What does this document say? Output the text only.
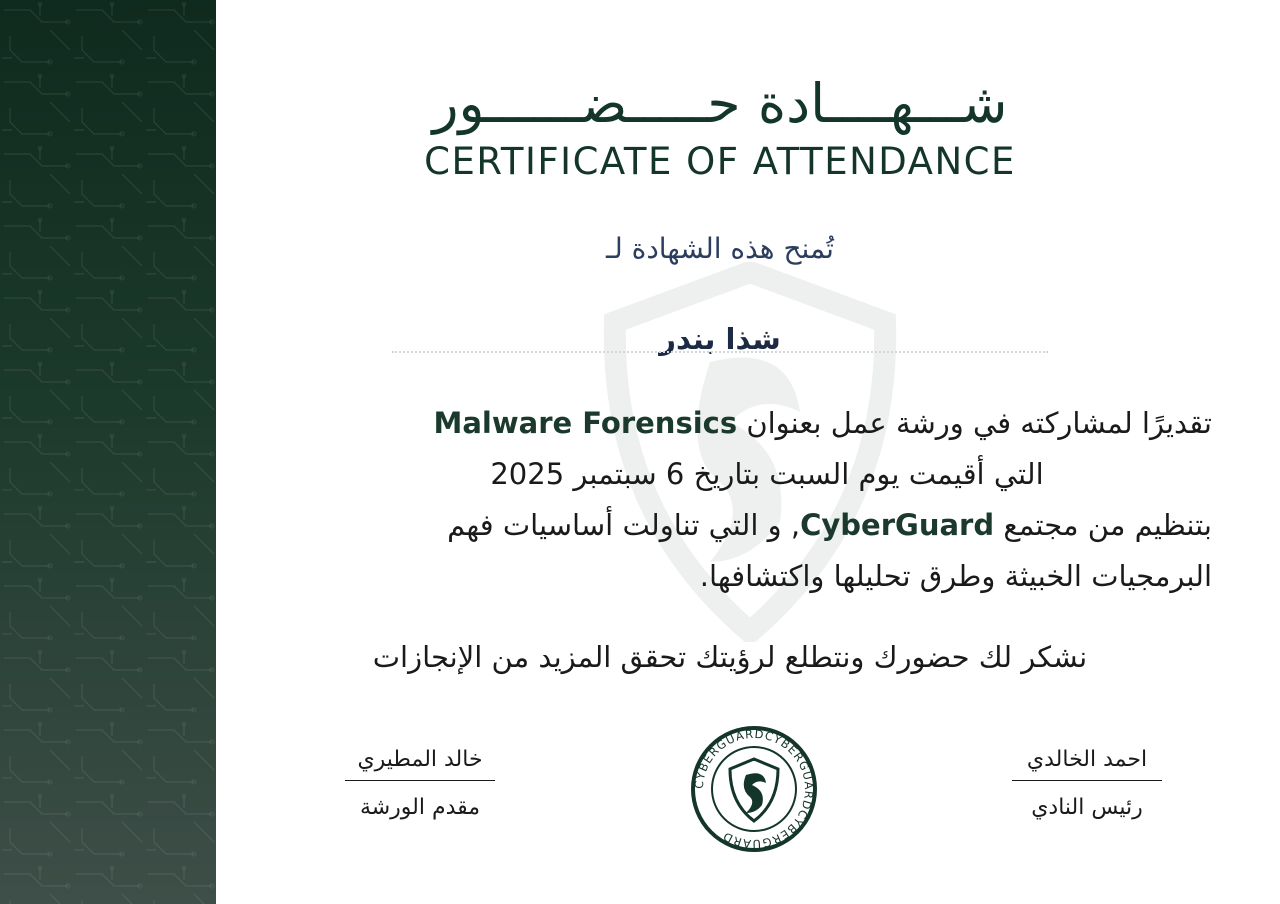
شـــهــــادة حـــــضــــــور
CERTIFICATE OF ATTENDANCE
تُمنح هذه الشهادة لـ
شذا بندر
تقديرًا لمشاركته في ورشة عمل بعنوان Malware Forensics
التي أقيمت يوم السبت بتاريخ 6 سبتمبر 2025
بتنظيم من مجتمع CyberGuard, و التي تناولت أساسيات فهم
البرمجيات الخبيثة وطرق تحليلها واكتشافها.
نشكر لك حضورك ونتطلع لرؤيتك تحقق المزيد من الإنجازات
خالد المطيري
مقدم الورشة
احمد الخالدي
رئيس النادي
CYBERGUARDCYBERGUARDCYBERGUARD
